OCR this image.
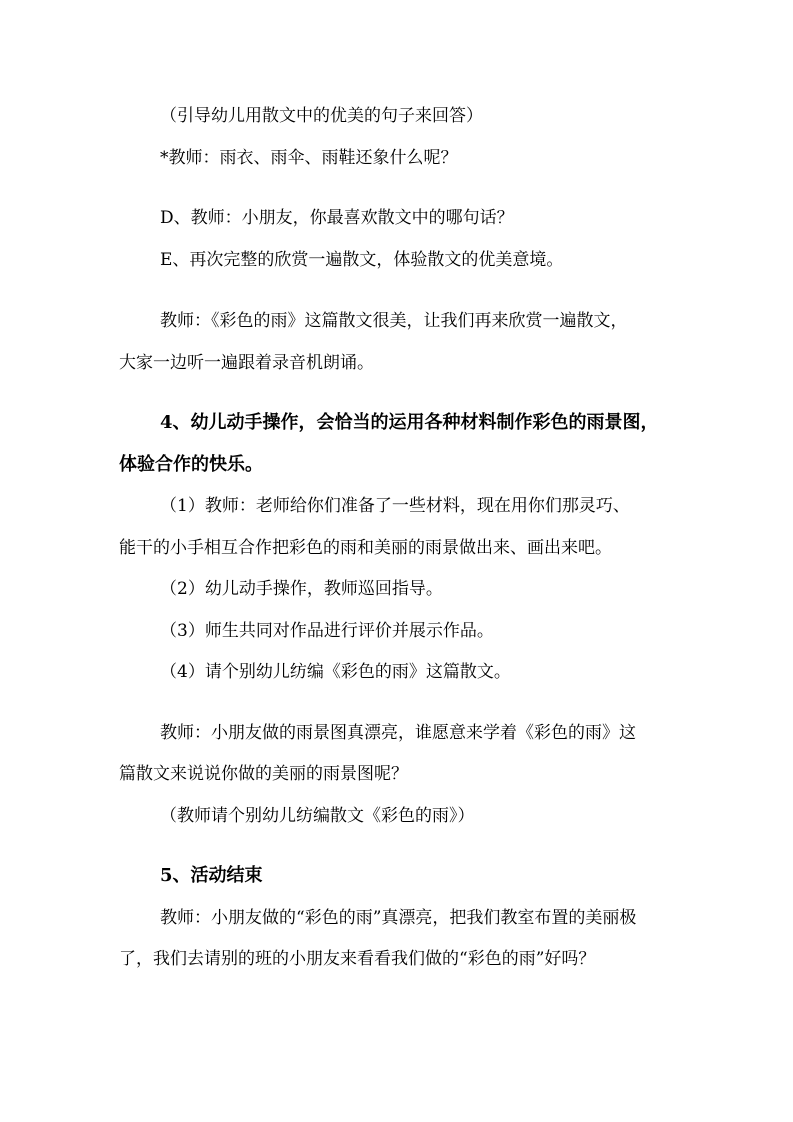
（引导幼儿用散文中的优美的句子来回答）
*教师：雨衣、雨伞、雨鞋还象什么呢？
D、教师：小朋友，你最喜欢散文中的哪句话？
E、再次完整的欣赏一遍散文，体验散文的优美意境。
教师：《彩色的雨》这篇散文很美，让我们再来欣赏一遍散文，
大家一边听一遍跟着录音机朗诵。
4、幼儿动手操作，会恰当的运用各种材料制作彩色的雨景图，
体验合作的快乐。
（1）教师：老师给你们准备了一些材料，现在用你们那灵巧、
能干的小手相互合作把彩色的雨和美丽的雨景做出来、画出来吧。
（2）幼儿动手操作，教师巡回指导。
（3）师生共同对作品进行评价并展示作品。
（4）请个别幼儿纺编《彩色的雨》这篇散文。
教师：小朋友做的雨景图真漂亮，谁愿意来学着《彩色的雨》这
篇散文来说说你做的美丽的雨景图呢？
（教师请个别幼儿纺编散文《彩色的雨》）
5、活动结束
教师：小朋友做的“彩色的雨”真漂亮，把我们教室布置的美丽极
了，我们去请别的班的小朋友来看看我们做的“彩色的雨”好吗？
